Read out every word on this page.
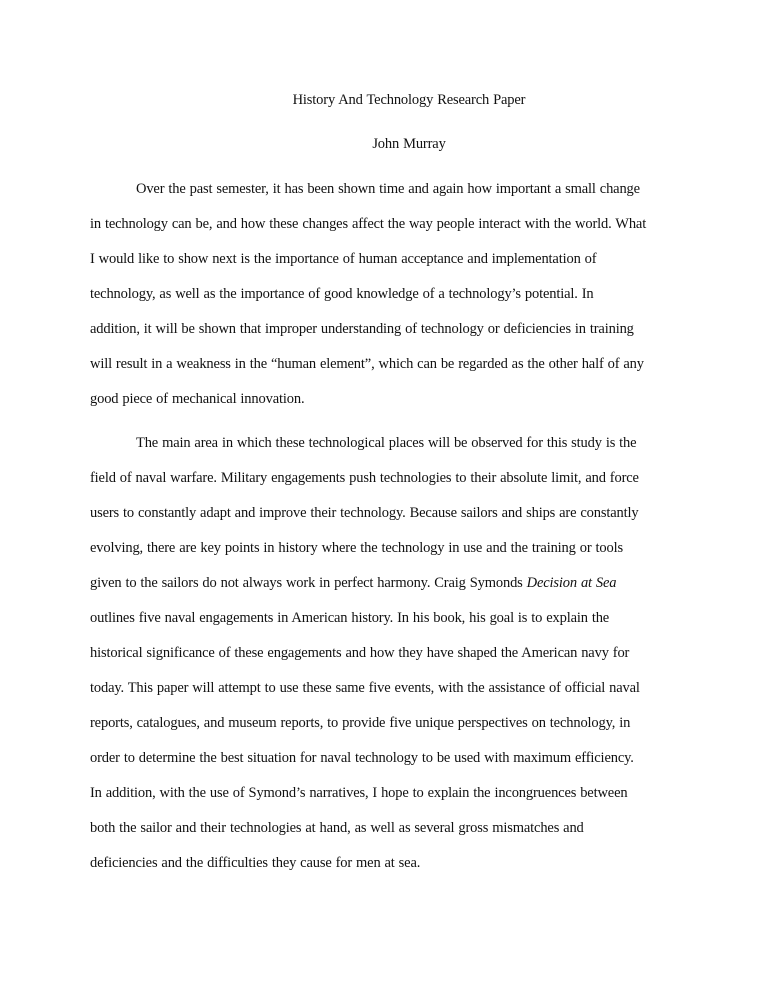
History And Technology Research Paper
John Murray
Over the past semester, it has been shown time and again how important a small change
in technology can be, and how these changes affect the way people interact with the world. What
I would like to show next is the importance of human acceptance and implementation of
technology, as well as the importance of good knowledge of a technology’s potential. In
addition, it will be shown that improper understanding of technology or deficiencies in training
will result in a weakness in the “human element”, which can be regarded as the other half of any
good piece of mechanical innovation.
The main area in which these technological places will be observed for this study is the
field of naval warfare. Military engagements push technologies to their absolute limit, and force
users to constantly adapt and improve their technology. Because sailors and ships are constantly
evolving, there are key points in history where the technology in use and the training or tools
given to the sailors do not always work in perfect harmony. Craig Symonds Decision at Sea
outlines five naval engagements in American history. In his book, his goal is to explain the
historical significance of these engagements and how they have shaped the American navy for
today. This paper will attempt to use these same five events, with the assistance of official naval
reports, catalogues, and museum reports, to provide five unique perspectives on technology, in
order to determine the best situation for naval technology to be used with maximum efficiency.
In addition, with the use of Symond’s narratives, I hope to explain the incongruences between
both the sailor and their technologies at hand, as well as several gross mismatches and
deficiencies and the difficulties they cause for men at sea.
